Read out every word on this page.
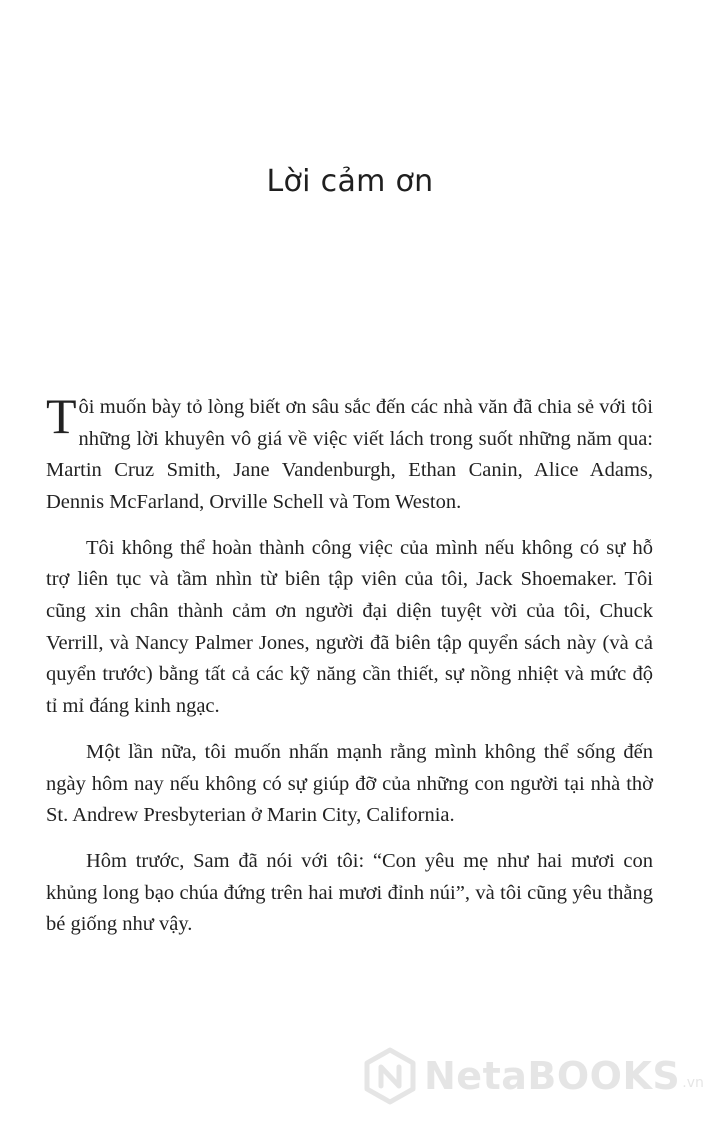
Lời cảm ơn

Tôi muốn bày tỏ lòng biết ơn sâu sắc đến các nhà văn đã chia sẻ với tôi những lời khuyên vô giá về việc viết lách trong suốt những năm qua: Martin Cruz Smith, Jane Vandenburgh, Ethan Canin, Alice Adams, Dennis McFarland, Orville Schell và Tom Weston.

Tôi không thể hoàn thành công việc của mình nếu không có sự hỗ trợ liên tục và tầm nhìn từ biên tập viên của tôi, Jack Shoemaker. Tôi cũng xin chân thành cảm ơn người đại diện tuyệt vời của tôi, Chuck Verrill, và Nancy Palmer Jones, người đã biên tập quyển sách này (và cả quyển trước) bằng tất cả các kỹ năng cần thiết, sự nồng nhiệt và mức độ tỉ mỉ đáng kinh ngạc.

Một lần nữa, tôi muốn nhấn mạnh rằng mình không thể sống đến ngày hôm nay nếu không có sự giúp đỡ của những con người tại nhà thờ St. Andrew Presbyterian ở Marin City, California.

Hôm trước, Sam đã nói với tôi: “Con yêu mẹ như hai mươi con khủng long bạo chúa đứng trên hai mươi đỉnh núi”, và tôi cũng yêu thằng bé giống như vậy.

NetaBOOKS .vn
